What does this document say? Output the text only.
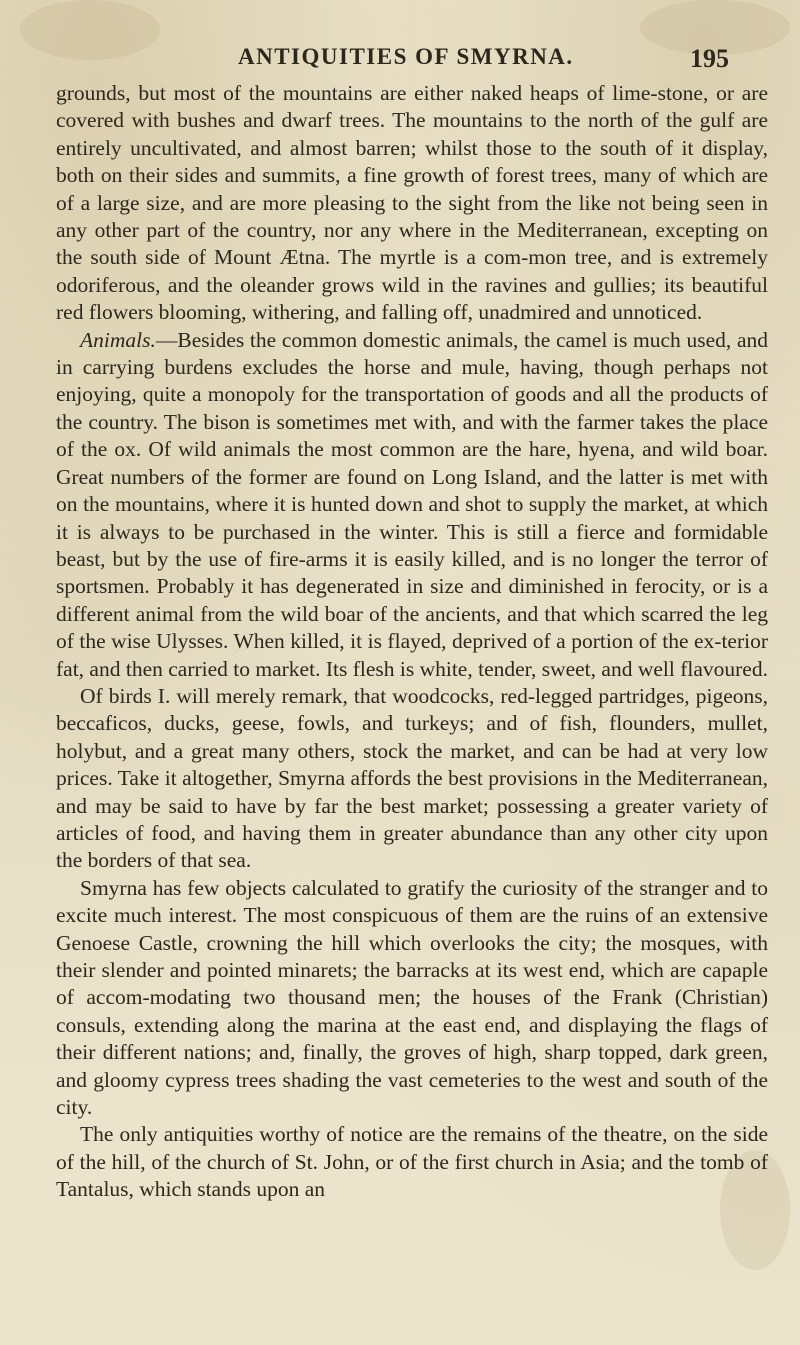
ANTIQUITIES OF SMYRNA.	195

grounds, but most of the mountains are either naked heaps of lime-stone, or are covered with bushes and dwarf trees. The mountains to the north of the gulf are entirely uncultivated, and almost barren; whilst those to the south of it display, both on their sides and summits, a fine growth of forest trees, many of which are of a large size, and are more pleasing to the sight from the like not being seen in any other part of the country, nor any where in the Mediterranean, excepting on the south side of Mount Ætna. The myrtle is a com-mon tree, and is extremely odoriferous, and the oleander grows wild in the ravines and gullies; its beautiful red flowers blooming, withering, and falling off, unadmired and unnoticed.

Animals.—Besides the common domestic animals, the camel is much used, and in carrying burdens excludes the horse and mule, having, though perhaps not enjoying, quite a monopoly for the transportation of goods and all the products of the country. The bison is sometimes met with, and with the farmer takes the place of the ox. Of wild animals the most common are the hare, hyena, and wild boar. Great numbers of the former are found on Long Island, and the latter is met with on the mountains, where it is hunted down and shot to supply the market, at which it is always to be purchased in the winter. This is still a fierce and formidable beast, but by the use of fire-arms it is easily killed, and is no longer the terror of sportsmen. Probably it has degenerated in size and diminished in ferocity, or is a different animal from the wild boar of the ancients, and that which scarred the leg of the wise Ulysses. When killed, it is flayed, deprived of a portion of the ex-terior fat, and then carried to market. Its flesh is white, tender, sweet, and well flavoured.

Of birds I. will merely remark, that woodcocks, red-legged partridges, pigeons, beccaficos, ducks, geese, fowls, and turkeys; and of fish, flounders, mullet, holybut, and a great many others, stock the market, and can be had at very low prices. Take it altogether, Smyrna affords the best provisions in the Mediterranean, and may be said to have by far the best market; possessing a greater variety of articles of food, and having them in greater abundance than any other city upon the borders of that sea.

Smyrna has few objects calculated to gratify the curiosity of the stranger and to excite much interest. The most conspicuous of them are the ruins of an extensive Genoese Castle, crowning the hill which overlooks the city; the mosques, with their slender and pointed minarets; the barracks at its west end, which are capaple of accom-modating two thousand men; the houses of the Frank (Christian) consuls, extending along the marina at the east end, and displaying the flags of their different nations; and, finally, the groves of high, sharp topped, dark green, and gloomy cypress trees shading the vast cemeteries to the west and south of the city.

The only antiquities worthy of notice are the remains of the theatre, on the side of the hill, of the church of St. John, or of the first church in Asia; and the tomb of Tantalus, which stands upon an
